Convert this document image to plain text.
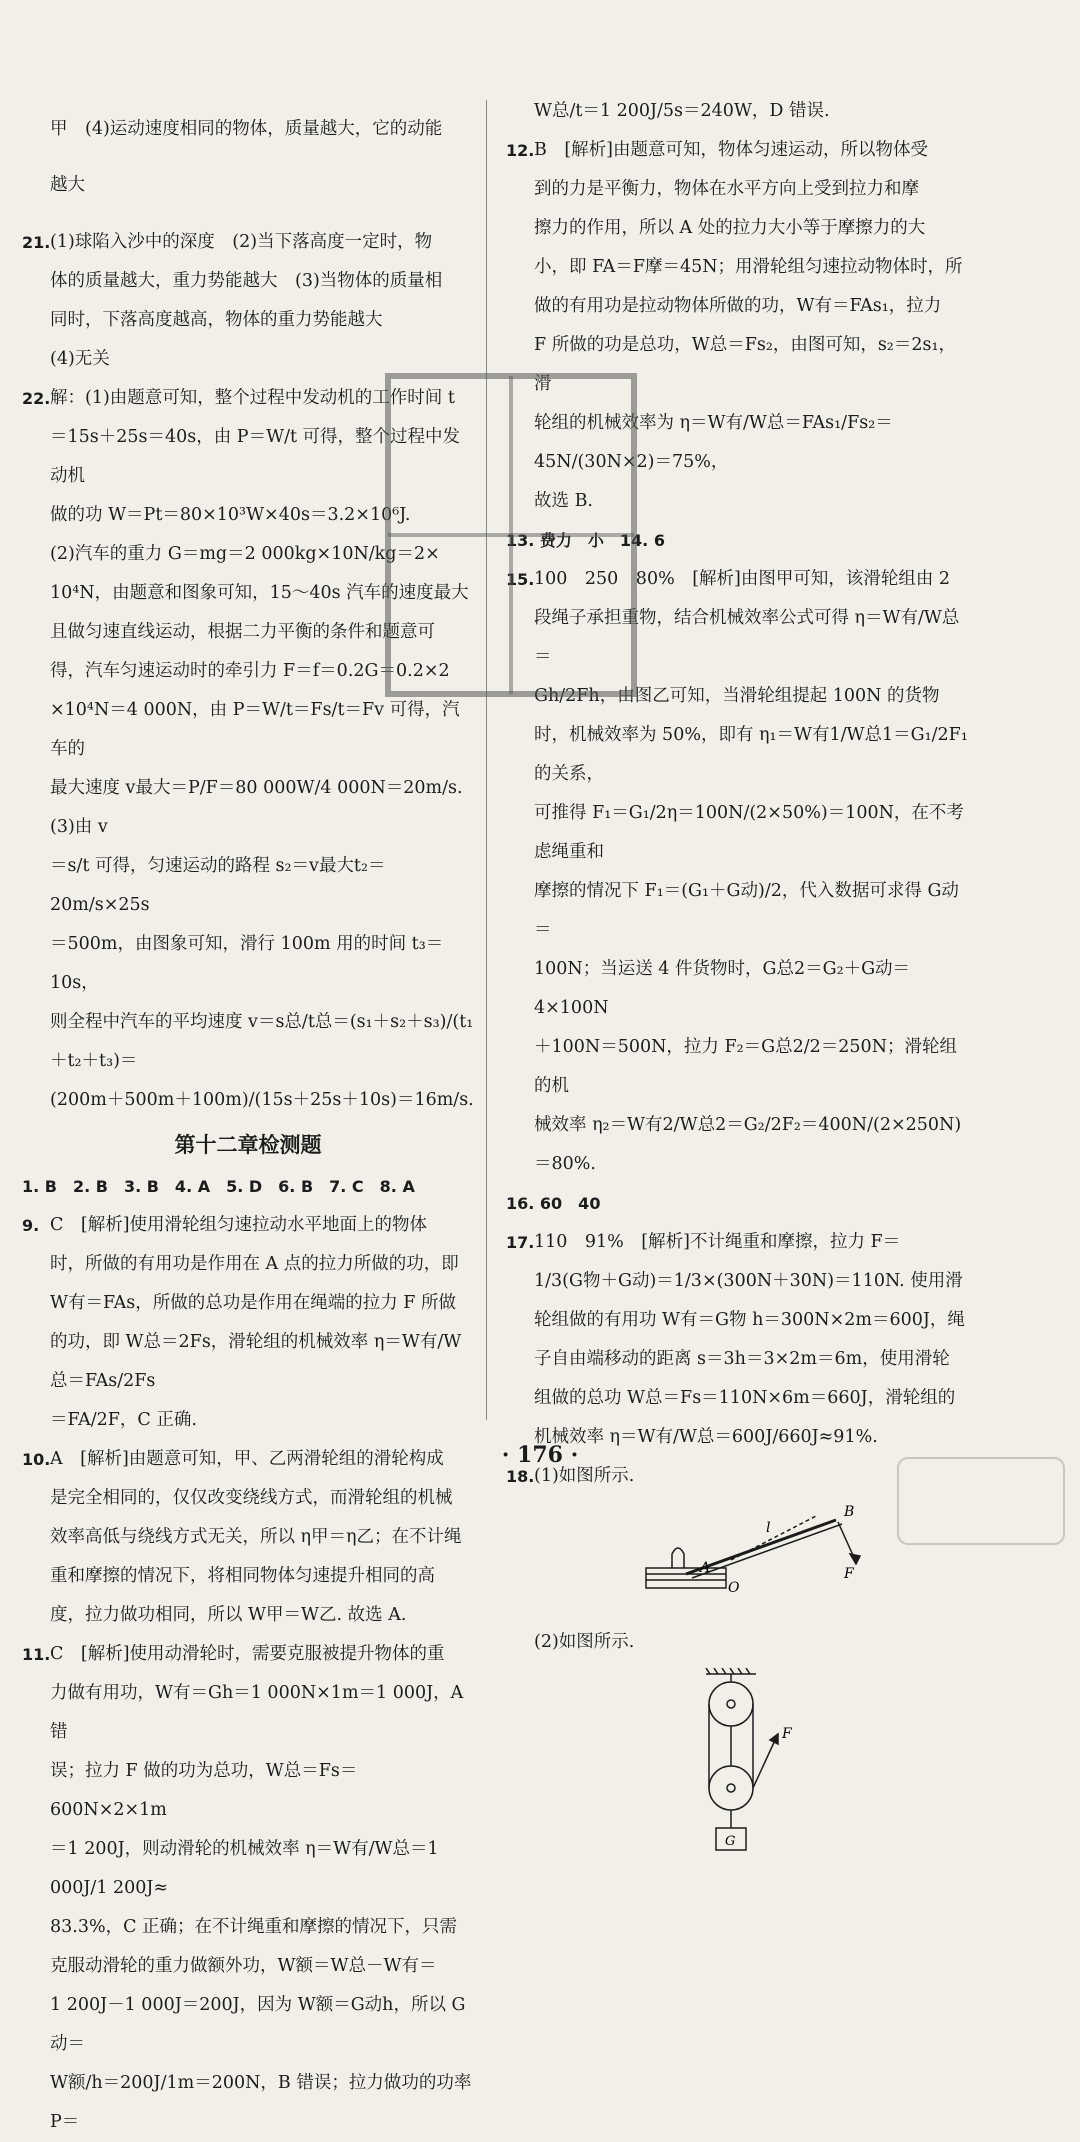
甲　(4)运动速度相同的物体，质量越大，它的动能

越大

21. (1)球陷入沙中的深度　(2)当下落高度一定时，物

体的质量越大，重力势能越大　(3)当物体的质量相

同时，下落高度越高，物体的重力势能越大

(4)无关

22. 解：(1)由题意可知，整个过程中发动机的工作时间 t

＝15s＋25s＝40s，由 P＝W/t 可得，整个过程中发动机

做的功 W＝Pt＝80×10³W×40s＝3.2×10⁶J.

(2)汽车的重力 G＝mg＝2 000kg×10N/kg＝2×

10⁴N，由题意和图象可知，15～40s 汽车的速度最大

且做匀速直线运动，根据二力平衡的条件和题意可

得，汽车匀速运动时的牵引力 F＝f＝0.2G＝0.2×2

×10⁴N＝4 000N，由 P＝W/t＝Fs/t＝Fv 可得，汽车的

最大速度 v最大＝P/F＝80 000W/4 000N＝20m/s.　(3)由 v

＝s/t 可得，匀速运动的路程 s₂＝v最大t₂＝20m/s×25s

＝500m，由图象可知，滑行 100m 用的时间 t₃＝10s，

则全程中汽车的平均速度 v＝s总/t总＝(s₁＋s₂＋s₃)/(t₁＋t₂＋t₃)＝

(200m＋500m＋100m)/(15s＋25s＋10s)＝16m/s.

第十二章检测题
1. B　2. B　3. B　4. A　5. D　6. B　7. C　8. A
9. C　[解析]使用滑轮组匀速拉动水平地面上的物体

时，所做的有用功是作用在 A 点的拉力所做的功，即

W有＝FAs，所做的总功是作用在绳端的拉力 F 所做

的功，即 W总＝2Fs，滑轮组的机械效率 η＝W有/W总＝FAs/2Fs

＝FA/2F，C 正确.

10. A　[解析]由题意可知，甲、乙两滑轮组的滑轮构成

是完全相同的，仅仅改变绕线方式，而滑轮组的机械

效率高低与绕线方式无关，所以 η甲＝η乙；在不计绳

重和摩擦的情况下，将相同物体匀速提升相同的高

度，拉力做功相同，所以 W甲＝W乙. 故选 A.

11. C　[解析]使用动滑轮时，需要克服被提升物体的重

力做有用功，W有＝Gh＝1 000N×1m＝1 000J，A 错

误；拉力 F 做的功为总功，W总＝Fs＝600N×2×1m

＝1 200J，则动滑轮的机械效率 η＝W有/W总＝1 000J/1 200J≈

83.3%，C 正确；在不计绳重和摩擦的情况下，只需

克服动滑轮的重力做额外功，W额＝W总－W有＝

1 200J－1 000J＝200J，因为 W额＝G动h，所以 G动＝

W额/h＝200J/1m＝200N，B 错误；拉力做功的功率 P＝

W总/t＝1 200J/5s＝240W，D 错误.
12. B　[解析]由题意可知，物体匀速运动，所以物体受

到的力是平衡力，物体在水平方向上受到拉力和摩

擦力的作用，所以 A 处的拉力大小等于摩擦力的大

小，即 FA＝F摩＝45N；用滑轮组匀速拉动物体时，所

做的有用功是拉动物体所做的功，W有＝FAs₁，拉力

F 所做的功是总功，W总＝Fs₂，由图可知，s₂＝2s₁，滑

轮组的机械效率为 η＝W有/W总＝FAs₁/Fs₂＝45N/(30N×2)＝75%，

故选 B.

13. 费力　小　14. 6
15. 100　250　80%　[解析]由图甲可知，该滑轮组由 2

段绳子承担重物，结合机械效率公式可得 η＝W有/W总＝

Gh/2Fh，由图乙可知，当滑轮组提起 100N 的货物

时，机械效率为 50%，即有 η₁＝W有1/W总1＝G₁/2F₁ 的关系，

可推得 F₁＝G₁/2η＝100N/(2×50%)＝100N，在不考虑绳重和

摩擦的情况下 F₁＝(G₁＋G动)/2，代入数据可求得 G动＝

100N；当运送 4 件货物时，G总2＝G₂＋G动＝4×100N

＋100N＝500N，拉力 F₂＝G总2/2＝250N；滑轮组的机

械效率 η₂＝W有2/W总2＝G₂/2F₂＝400N/(2×250N)＝80%.

16. 60　40
17. 110　91%　[解析]不计绳重和摩擦，拉力 F＝

1/3(G物＋G动)＝1/3×(300N＋30N)＝110N. 使用滑

轮组做的有用功 W有＝G物 h＝300N×2m＝600J，绳

子自由端移动的距离 s＝3h＝3×2m＝6m，使用滑轮

组做的总功 W总＝Fs＝110N×6m＝660J，滑轮组的

机械效率 η＝W有/W总＝600J/660J≈91%.

18. (1)如图所示.

B
l
A
O
F
(2)如图所示.
F
G
· 176 ·
